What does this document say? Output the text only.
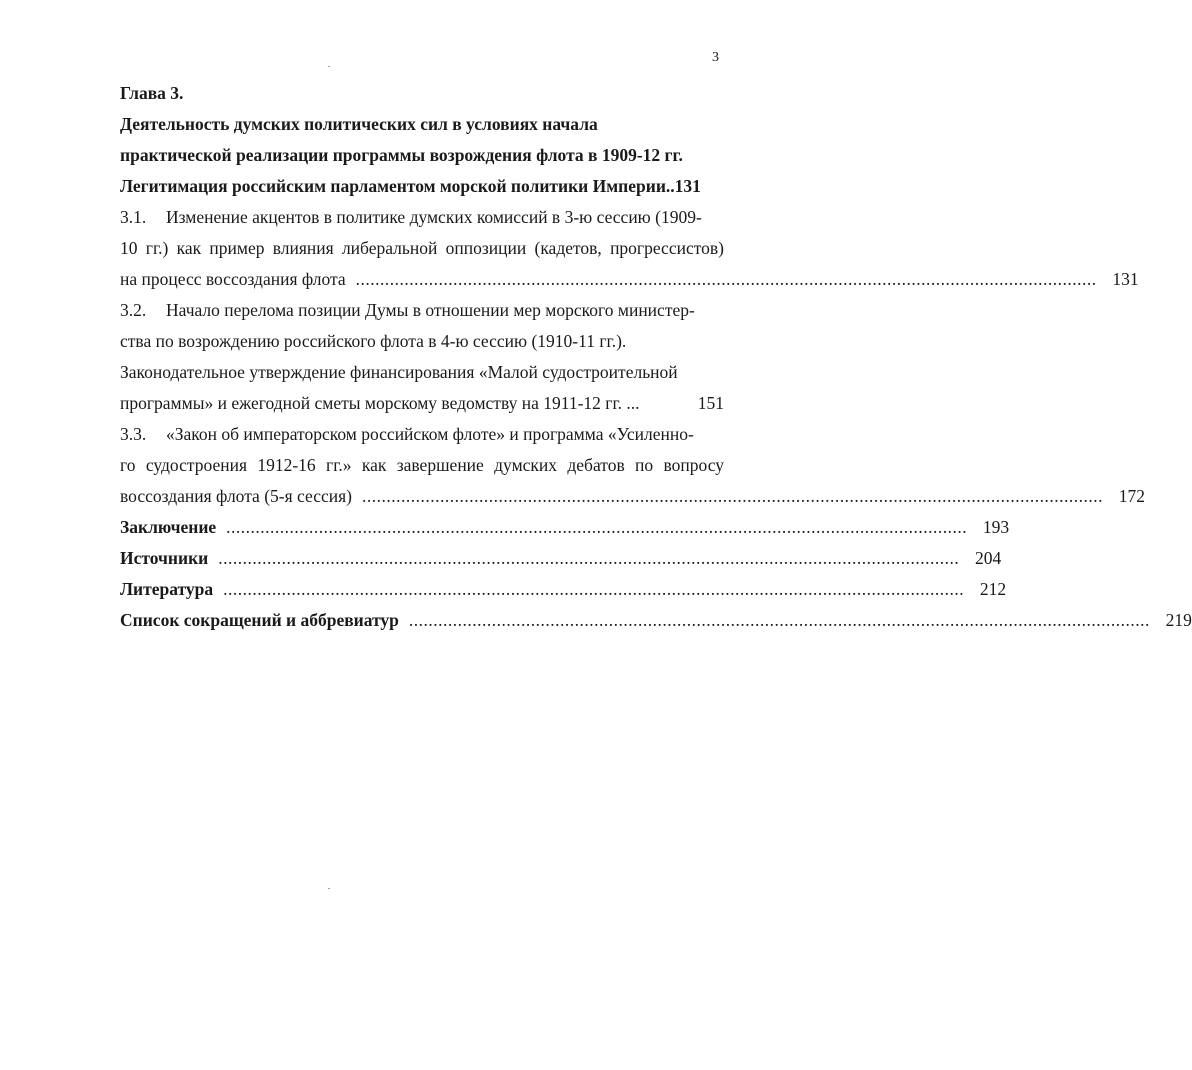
3
Глава 3.
Деятельность думских политических сил в условиях начала
практической реализации программы возрождения флота в 1909-12 гг.
Легитимация российским парламентом морской политики Империи..131
3.1. Изменение акцентов в политике думских комиссий в 3-ю сессию (1909-
10 гг.) как пример влияния либеральной оппозиции (кадетов, прогрессистов)
на процесс воссоздания флота ........................................................................................................................................................ 131
3.2. Начало перелома позиции Думы в отношении мер морского министер-
ства по возрождению российского флота в 4-ю сессию (1910-11 гг.).
Законодательное утверждение финансирования «Малой судостроительной
программы» и ежегодной сметы морскому ведомству на 1911-12 гг. ...	151
3.3. «Закон об императорском российском флоте» и программа «Усиленно-
го судостроения 1912-16 гг.» как завершение думских дебатов по вопросу
воссоздания флота (5-я сессия) ........................................................................................................................................................ 172
Заключение ........................................................................................................................................................ 193
Источники ........................................................................................................................................................ 204
Литература ........................................................................................................................................................ 212
Список сокращений и аббревиатур ........................................................................................................................................................ 219
